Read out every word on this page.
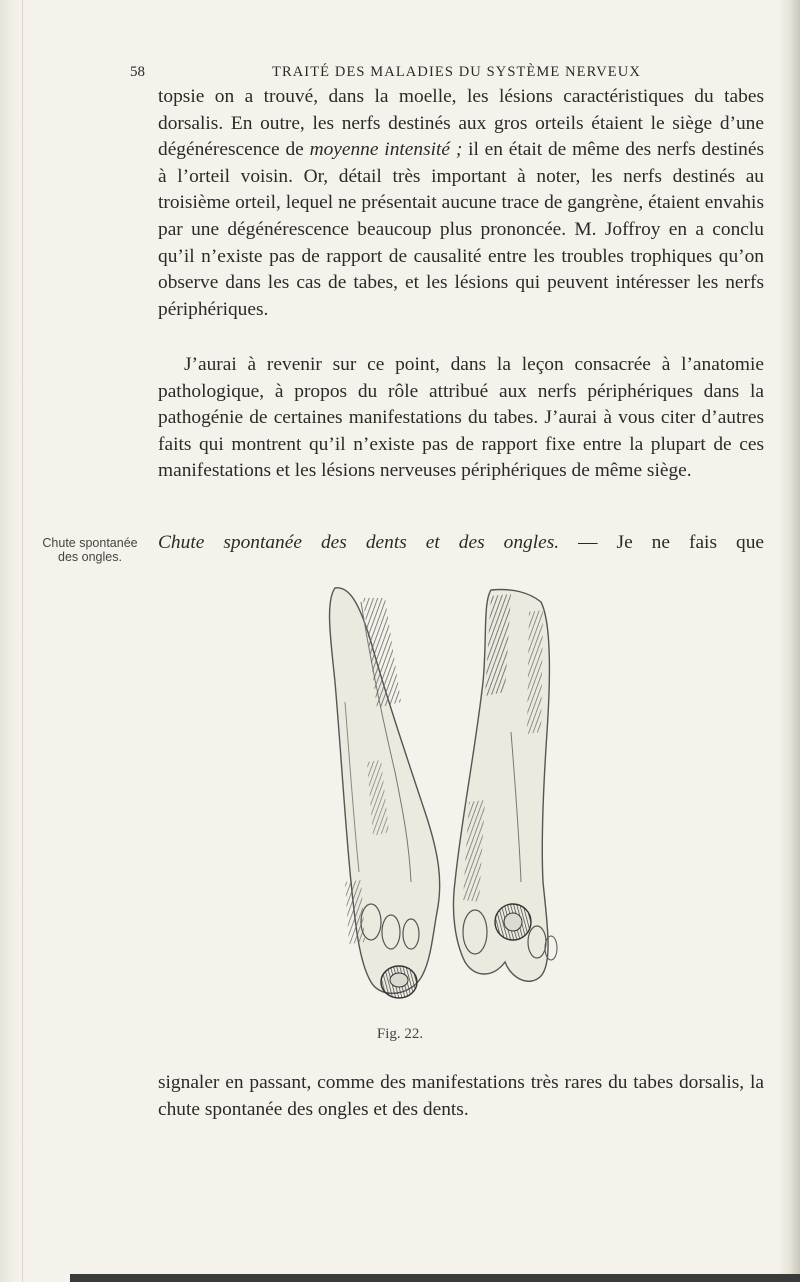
58	TRAITÉ DES MALADIES DU SYSTÈME NERVEUX

topsie on a trouvé, dans la moelle, les lésions caractéristiques du tabes dorsalis. En outre, les nerfs destinés aux gros orteils étaient le siège d’une dégénérescence de moyenne intensité ; il en était de même des nerfs destinés à l’orteil voisin. Or, détail très important à noter, les nerfs destinés au troisième orteil, lequel ne présentait aucune trace de gangrène, étaient envahis par une dégénérescence beaucoup plus prononcée. M. Joffroy en a conclu qu’il n’existe pas de rapport de causalité entre les troubles trophiques qu’on observe dans les cas de tabes, et les lésions qui peuvent intéresser les nerfs périphériques.

J’aurai à revenir sur ce point, dans la leçon consacrée à l’anatomie pathologique, à propos du rôle attribué aux nerfs périphériques dans la pathogénie de certaines manifestations du tabes. J’aurai à vous citer d’autres faits qui montrent qu’il n’existe pas de rapport fixe entre la plupart de ces manifestations et les lésions nerveuses périphériques de même siège.

Chute spontanée
des ongles.
Chute spontanée des dents et des ongles. — Je ne fais que
Fig. 22.

signaler en passant, comme des manifestations très rares du tabes dorsalis, la chute spontanée des ongles et des dents.
